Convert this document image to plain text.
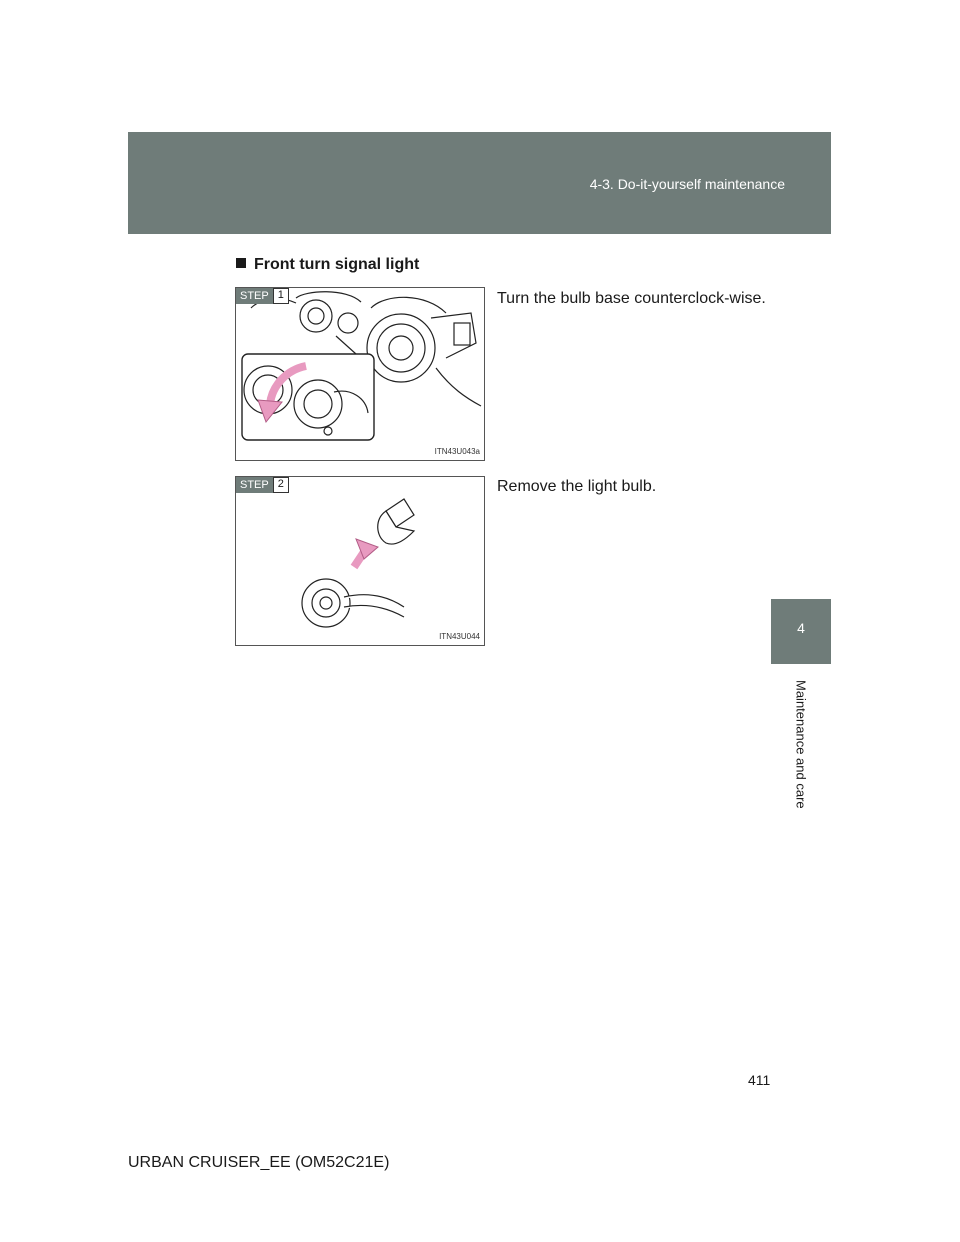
4-3. Do-it-yourself maintenance
4
Maintenance and care
Front turn signal light
STEP 1
ITN43U043a
Turn the bulb base counterclock-wise.
STEP 2
ITN43U044
Remove the light bulb.
411
URBAN CRUISER_EE (OM52C21E)
